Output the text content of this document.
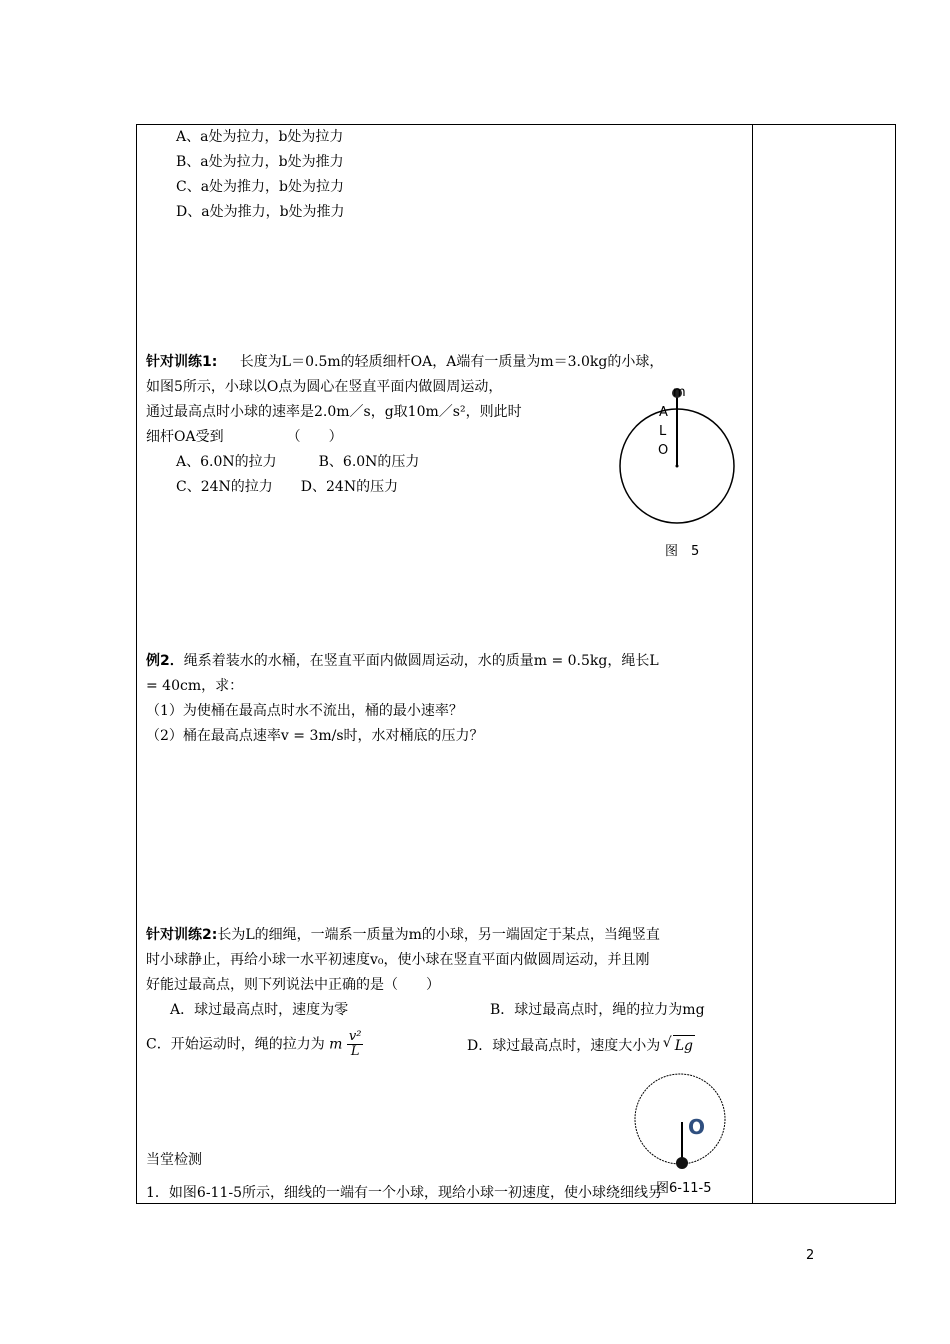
A、a处为拉力，b处为拉力
B、a处为拉力，b处为推力
C、a处为推力，b处为拉力
D、a处为推力，b处为推力
针对训练1: 长度为L＝0.5m的轻质细杆OA，A端有一质量为m＝3.0kg的小球，
如图5所示，小球以O点为圆心在竖直平面内做圆周运动，
通过最高点时小球的速率是2.0m／s，g取10m／s²，则此时
细杆OA受到　　　　　（　　）
A、6.0N的拉力　　　B、6.0N的压力
C、24N的拉力　　D、24N的压力
m
A
L
O
图　5
例2．绳系着装水的水桶，在竖直平面内做圆周运动，水的质量m = 0.5kg，绳长L
= 40cm，求：
（1）为使桶在最高点时水不流出，桶的最小速率？
（2）桶在最高点速率v = 3m/s时，水对桶底的压力？
针对训练2:长为L的细绳，一端系一质量为m的小球，另一端固定于某点，当绳竖直
时小球静止，再给小球一水平初速度v₀，使小球在竖直平面内做圆周运动，并且刚
好能过最高点，则下列说法中正确的是（　　）
A．球过最高点时，速度为零	B．球过最高点时，绳的拉力为mg
C．开始运动时，绳的拉力为 m $\frac{\text{v²}}{L}$	D．球过最高点时，速度大小为 √ Lg
O
当堂检测
1．如图6-11-5所示，细线的一端有一个小球，现给小球一初速度，使小球绕细线另
图6-11-5
2
